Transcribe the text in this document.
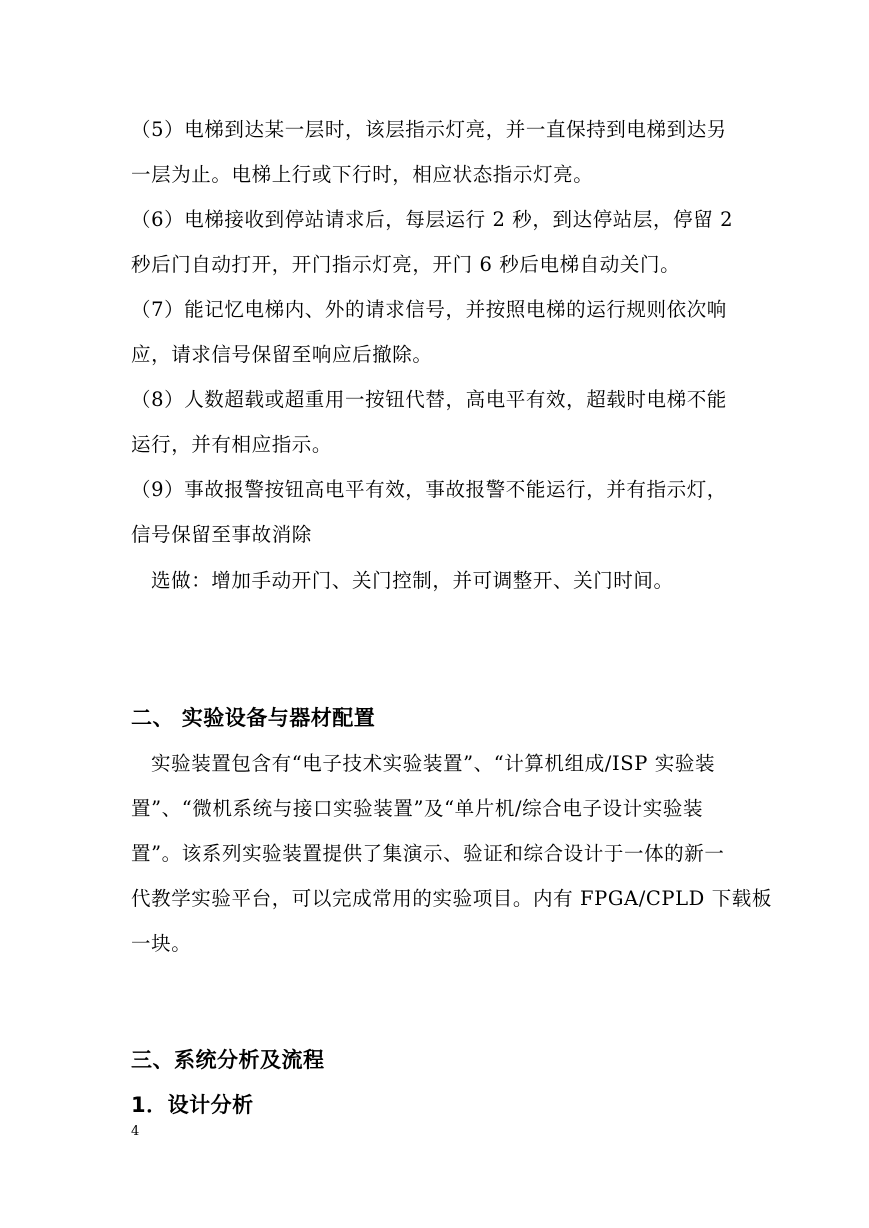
（5）电梯到达某一层时，该层指示灯亮，并一直保持到电梯到达另
一层为止。电梯上行或下行时，相应状态指示灯亮。
（6）电梯接收到停站请求后，每层运行 2 秒，到达停站层，停留 2
秒后门自动打开，开门指示灯亮，开门 6 秒后电梯自动关门。
（7）能记忆电梯内、外的请求信号，并按照电梯的运行规则依次响
应，请求信号保留至响应后撤除。
（8）人数超载或超重用一按钮代替，高电平有效，超载时电梯不能
运行，并有相应指示。
（9）事故报警按钮高电平有效，事故报警不能运行，并有指示灯，
信号保留至事故消除
选做：增加手动开门、关门控制，并可调整开、关门时间。
二、 实验设备与器材配置
实验装置包含有“电子技术实验装置”、“计算机组成/ISP 实验装
置”、“微机系统与接口实验装置”及“单片机/综合电子设计实验装
置”。该系列实验装置提供了集演示、验证和综合设计于一体的新一
代教学实验平台，可以完成常用的实验项目。内有 FPGA/CPLD 下载板
一块。
三、系统分析及流程
1．设计分析
4
